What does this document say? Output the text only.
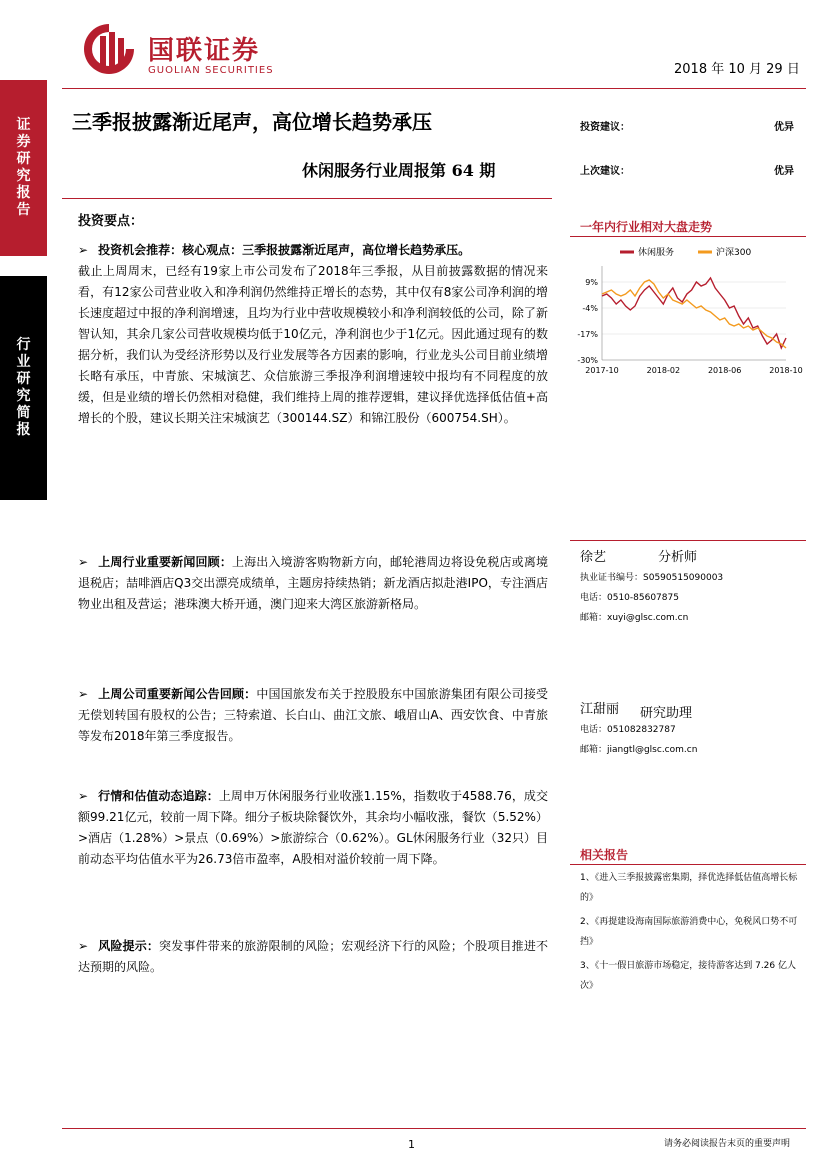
证
券
研
究
报
告
行
业
研
究
简
报
国联证券
GUOLIAN SECURITIES	2018 年 10 月 29 日
三季报披露渐近尾声，高位增长趋势承压
休闲服务行业周报第 64 期
投资建议：	优异
上次建议：	优异
投资要点：
➢ 投资机会推荐：核心观点：三季报披露渐近尾声，高位增长趋势承压。
截止上周周末，已经有19家上市公司发布了2018年三季报，从目前披露数据的情况来看，有12家公司营业收入和净利润仍然维持正增长的态势，其中仅有8家公司净利润的增长速度超过中报的净利润增速，且均为行业中营收规模较小和净利润较低的公司，除了新智认知，其余几家公司营收规模均低于10亿元，净利润也少于1亿元。因此通过现有的数据分析，我们认为受经济形势以及行业发展等各方因素的影响，行业龙头公司目前业绩增长略有承压，中青旅、宋城演艺、众信旅游三季报净利润增速较中报均有不同程度的放缓，但是业绩的增长仍然相对稳健，我们维持上周的推荐逻辑，建议择优选择低估值+高增长的个股，建议长期关注宋城演艺（300144.SZ）和锦江股份（600754.SH）。
➢ 上周行业重要新闻回顾：上海出入境游客购物新方向，邮轮港周边将设免税店或离境退税店；喆啡酒店Q3交出漂亮成绩单，主题房持续热销；新龙酒店拟赴港IPO，专注酒店物业出租及营运；港珠澳大桥开通，澳门迎来大湾区旅游新格局。
➢ 上周公司重要新闻公告回顾：中国国旅发布关于控股股东中国旅游集团有限公司接受无偿划转国有股权的公告；三特索道、长白山、曲江文旅、峨眉山A、西安饮食、中青旅等发布2018年第三季度报告。
➢ 行情和估值动态追踪：上周申万休闲服务行业收涨1.15%，指数收于4588.76，成交额99.21亿元，较前一周下降。细分子板块除餐饮外，其余均小幅收涨，餐饮（5.52%）>酒店（1.28%）>景点（0.69%）>旅游综合（0.62%）。GL休闲服务行业（32只）目前动态平均估值水平为26.73倍市盈率，A股相对溢价较前一周下降。
➢ 风险提示：突发事件带来的旅游限制的风险；宏观经济下行的风险；个股项目推进不达预期的风险。
一年内行业相对大盘走势
休闲服务	沪深300
9%
-4%
-17%
-30%
2017-10	2018-02	2018-06	2018-10
徐艺	分析师
执业证书编号：S0590515090003
电话：0510-85607875
邮箱：xuyi@glsc.com.cn
江甜丽 研究助理
电话：051082832787
邮箱：jiangtl@glsc.com.cn
相关报告
1、《进入三季报披露密集期，择优选择低估值高增长标的》
2、《再提建设海南国际旅游消费中心，免税风口势不可挡》
3、《十一假日旅游市场稳定，接待游客达到 7.26 亿人次》
1	请务必阅读报告末页的重要声明
